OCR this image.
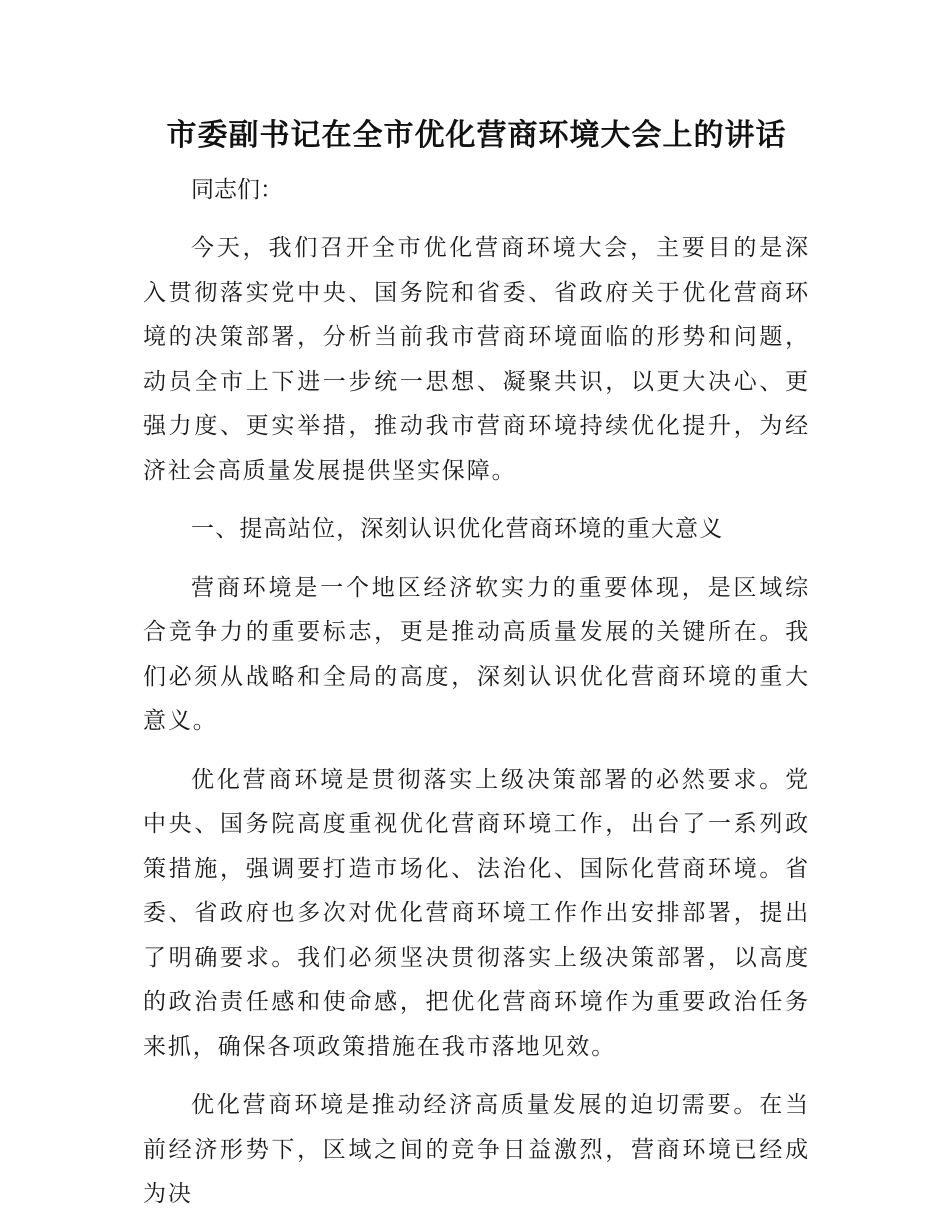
市委副书记在全市优化营商环境大会上的讲话

同志们：

今天，我们召开全市优化营商环境大会，主要目的是深入贯彻落实党中央、国务院和省委、省政府关于优化营商环境的决策部署，分析当前我市营商环境面临的形势和问题，动员全市上下进一步统一思想、凝聚共识，以更大决心、更强力度、更实举措，推动我市营商环境持续优化提升，为经济社会高质量发展提供坚实保障。

一、提高站位，深刻认识优化营商环境的重大意义

营商环境是一个地区经济软实力的重要体现，是区域综合竞争力的重要标志，更是推动高质量发展的关键所在。我们必须从战略和全局的高度，深刻认识优化营商环境的重大意义。

优化营商环境是贯彻落实上级决策部署的必然要求。党中央、国务院高度重视优化营商环境工作，出台了一系列政策措施，强调要打造市场化、法治化、国际化营商环境。省委、省政府也多次对优化营商环境工作作出安排部署，提出了明确要求。我们必须坚决贯彻落实上级决策部署，以高度的政治责任感和使命感，把优化营商环境作为重要政治任务来抓，确保各项政策措施在我市落地见效。

优化营商环境是推动经济高质量发展的迫切需要。在当前经济形势下，区域之间的竞争日益激烈，营商环境已经成为决
